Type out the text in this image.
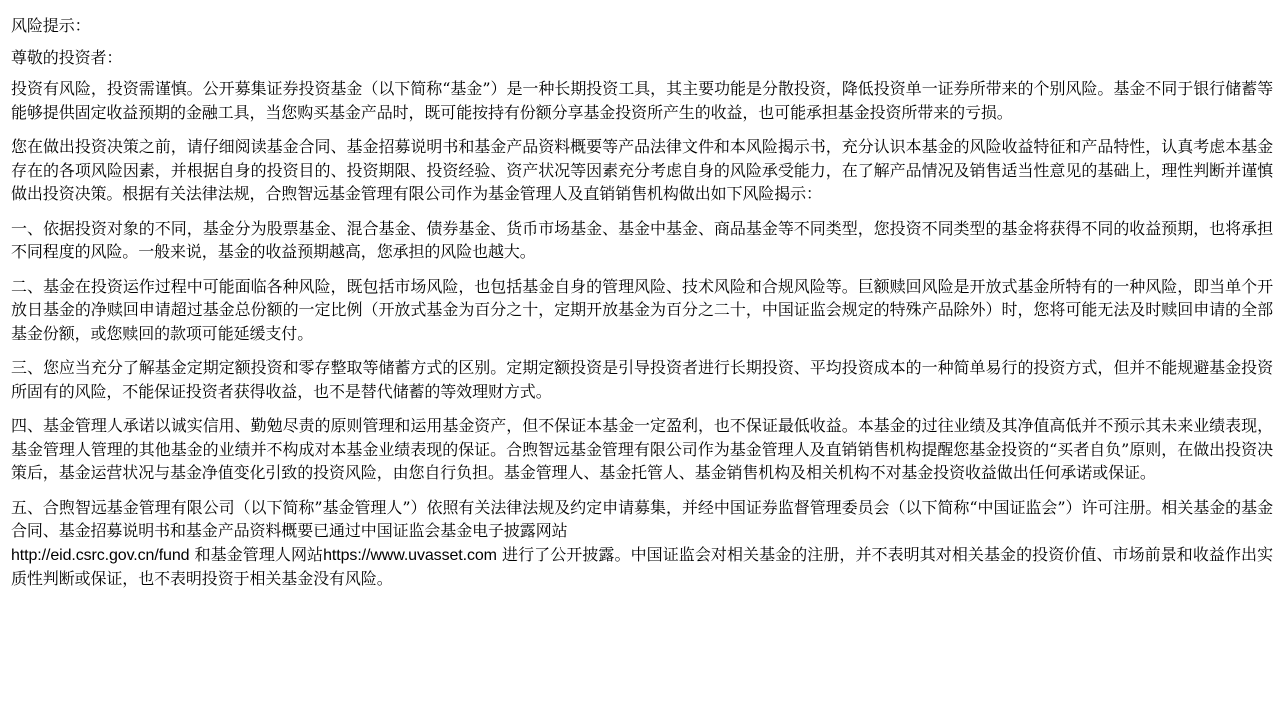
风险提示：

尊敬的投资者：

投资有风险，投资需谨慎。公开募集证券投资基金（以下简称“基金”）是一种长期投资工具，其主要功能是分散投资，降低投资单一证券所带来的个别风险。基金不同于银行储蓄等能够提供固定收益预期的金融工具，当您购买基金产品时，既可能按持有份额分享基金投资所产生的收益，也可能承担基金投资所带来的亏损。

您在做出投资决策之前，请仔细阅读基金合同、基金招募说明书和基金产品资料概要等产品法律文件和本风险揭示书，充分认识本基金的风险收益特征和产品特性，认真考虑本基金存在的各项风险因素，并根据自身的投资目的、投资期限、投资经验、资产状况等因素充分考虑自身的风险承受能力，在了解产品情况及销售适当性意见的基础上，理性判断并谨慎做出投资决策。根据有关法律法规，合煦智远基金管理有限公司作为基金管理人及直销销售机构做出如下风险揭示：

一、依据投资对象的不同，基金分为股票基金、混合基金、债券基金、货币市场基金、基金中基金、商品基金等不同类型，您投资不同类型的基金将获得不同的收益预期，也将承担不同程度的风险。一般来说，基金的收益预期越高，您承担的风险也越大。

二、基金在投资运作过程中可能面临各种风险，既包括市场风险，也包括基金自身的管理风险、技术风险和合规风险等。巨额赎回风险是开放式基金所特有的一种风险，即当单个开放日基金的净赎回申请超过基金总份额的一定比例（开放式基金为百分之十，定期开放基金为百分之二十，中国证监会规定的特殊产品除外）时，您将可能无法及时赎回申请的全部基金份额，或您赎回的款项可能延缓支付。

三、您应当充分了解基金定期定额投资和零存整取等储蓄方式的区别。定期定额投资是引导投资者进行长期投资、平均投资成本的一种简单易行的投资方式，但并不能规避基金投资所固有的风险，不能保证投资者获得收益，也不是替代储蓄的等效理财方式。

四、基金管理人承诺以诚实信用、勤勉尽责的原则管理和运用基金资产，但不保证本基金一定盈利，也不保证最低收益。本基金的过往业绩及其净值高低并不预示其未来业绩表现，基金管理人管理的其他基金的业绩并不构成对本基金业绩表现的保证。合煦智远基金管理有限公司作为基金管理人及直销销售机构提醒您基金投资的“买者自负”原则，在做出投资决策后，基金运营状况与基金净值变化引致的投资风险，由您自行负担。基金管理人、基金托管人、基金销售机构及相关机构不对基金投资收益做出任何承诺或保证。

五、合煦智远基金管理有限公司（以下简称”基金管理人”）依照有关法律法规及约定申请募集，并经中国证券监督管理委员会（以下简称“中国证监会”）许可注册。相关基金的基金合同、基金招募说明书和基金产品资料概要已通过中国证监会基金电子披露网站
http://eid.csrc.gov.cn/fund 和基金管理人网站https://www.uvasset.com 进行了公开披露。中国证监会对相关基金的注册，并不表明其对相关基金的投资价值、市场前景和收益作出实质性判断或保证，也不表明投资于相关基金没有风险。
